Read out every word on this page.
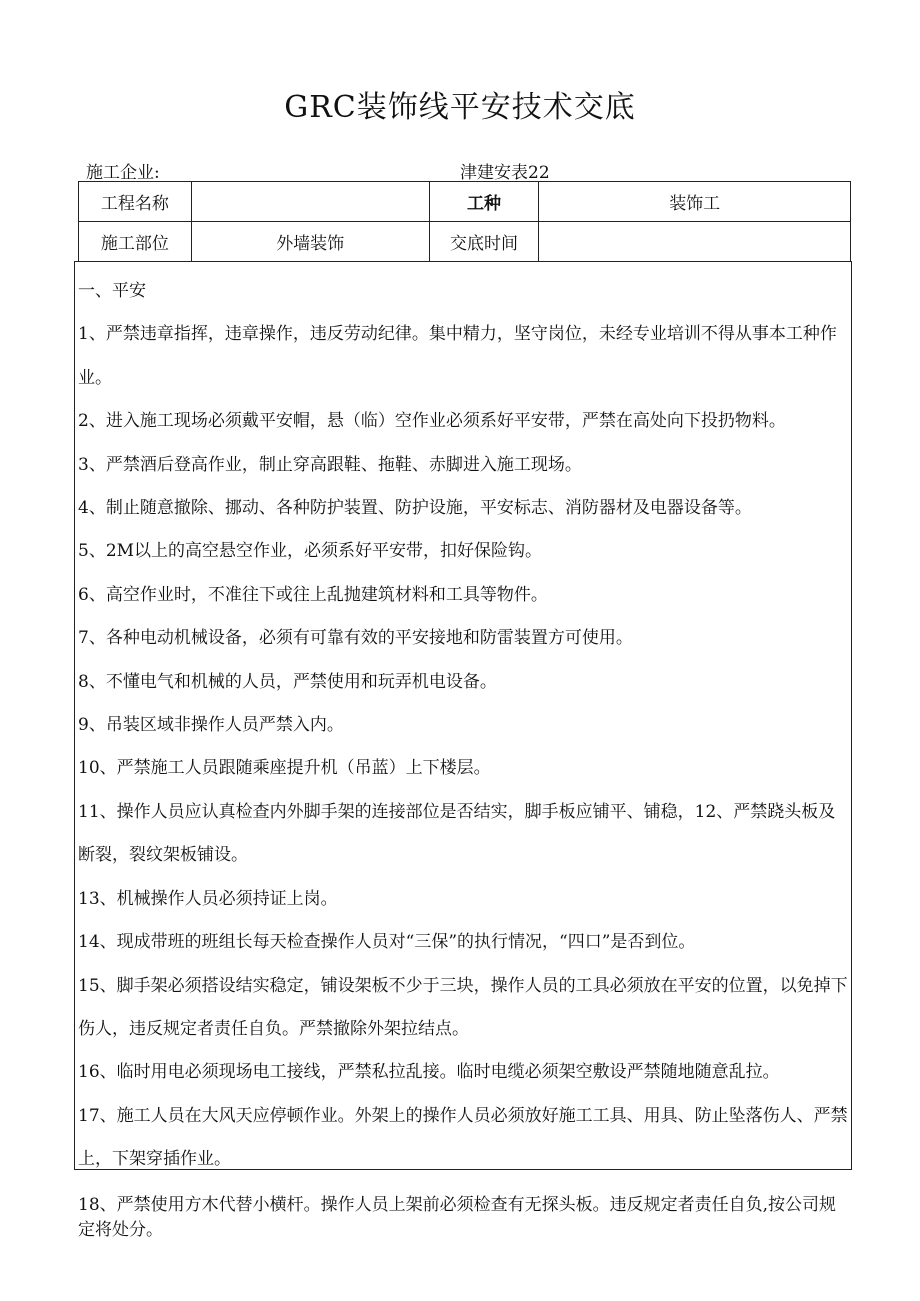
GRC装饰线平安技术交底
施工企业:	津建安表22
工程名称		工种	装饰工
施工部位	外墙装饰	交底时间	

一、平安

1、严禁违章指挥，违章操作，违反劳动纪律。集中精力，坚守岗位，未经专业培训不得从事本工种作业。

2、进入施工现场必须戴平安帽，悬（临）空作业必须系好平安带，严禁在高处向下投扔物料。

3、严禁酒后登高作业，制止穿高跟鞋、拖鞋、赤脚进入施工现场。

4、制止随意撤除、挪动、各种防护装置、防护设施，平安标志、消防器材及电器设备等。

5、2M以上的高空悬空作业，必须系好平安带，扣好保险钩。

6、高空作业时，不准往下或往上乱抛建筑材料和工具等物件。

7、各种电动机械设备，必须有可靠有效的平安接地和防雷装置方可使用。

8、不懂电气和机械的人员，严禁使用和玩弄机电设备。

9、吊装区域非操作人员严禁入内。

10、严禁施工人员跟随乘座提升机（吊蓝）上下楼层。

11、操作人员应认真检查内外脚手架的连接部位是否结实，脚手板应铺平、铺稳，12、严禁跷头板及断裂，裂纹架板铺设。

13、机械操作人员必须持证上岗。

14、现成带班的班组长每天检查操作人员对“三保”的执行情况，“四口”是否到位。

15、脚手架必须搭设结实稳定，铺设架板不少于三块，操作人员的工具必须放在平安的位置，以免掉下伤人，违反规定者责任自负。严禁撤除外架拉结点。

16、临时用电必须现场电工接线，严禁私拉乱接。临时电缆必须架空敷设严禁随地随意乱拉。

17、施工人员在大风天应停顿作业。外架上的操作人员必须放好施工工具、用具、防止坠落伤人、严禁上，下架穿插作业。

18、严禁使用方木代替小横杆。操作人员上架前必须检查有无探头板。违反规定者责任自负,按公司规定将处分。
